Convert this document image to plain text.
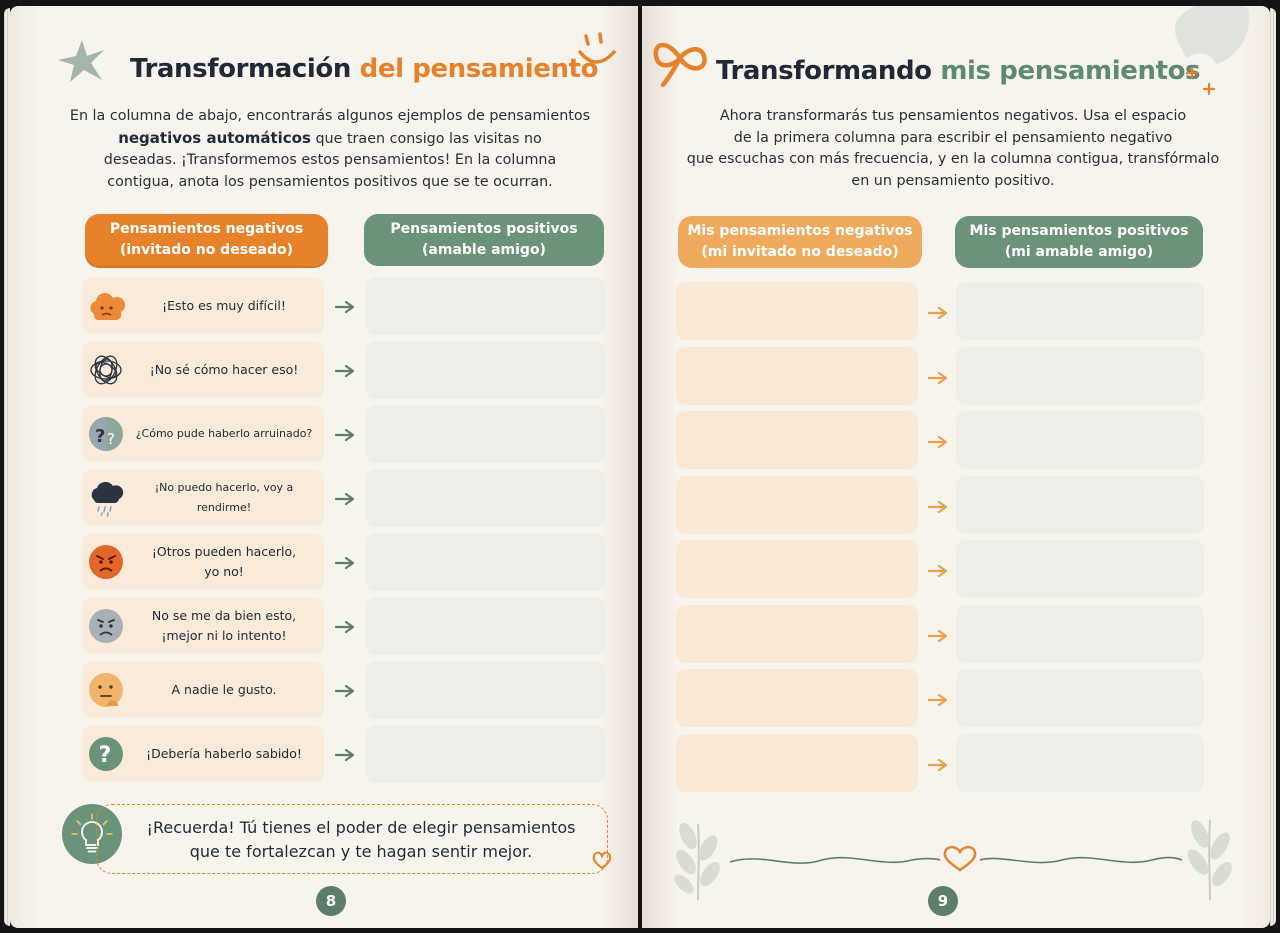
Transformación del pensamiento
En la columna de abajo, encontrarás algunos ejemplos de pensamientos
negativos automáticos que traen consigo las visitas no
deseadas. ¡Transformemos estos pensamientos! En la columna
contigua, anota los pensamientos positivos que se te ocurran.
Pensamientos negativos
(invitado no deseado)
Pensamientos positivos
(amable amigo)
¡Esto es muy difícil!
¡No sé cómo hacer eso!
? ?	¿Cómo pude haberlo arruinado?
¡No puedo hacerlo, voy a rendirme!
¡Otros pueden hacerlo,
yo no!
No se me da bien esto,
¡mejor ni lo intento!
A nadie le gusto.
?	¡Debería haberlo sabido!
¡Recuerda! Tú tienes el poder de elegir pensamientos
que te fortalezcan y te hagan sentir mejor.
8
Transformando mis pensamientos
Ahora transformarás tus pensamientos negativos. Usa el espacio
de la primera columna para escribir el pensamiento negativo
que escuchas con más frecuencia, y en la columna contigua, transfórmalo
en un pensamiento positivo.
Mis pensamientos negativos
(mi invitado no deseado)
Mis pensamientos positivos
(mi amable amigo)
9
